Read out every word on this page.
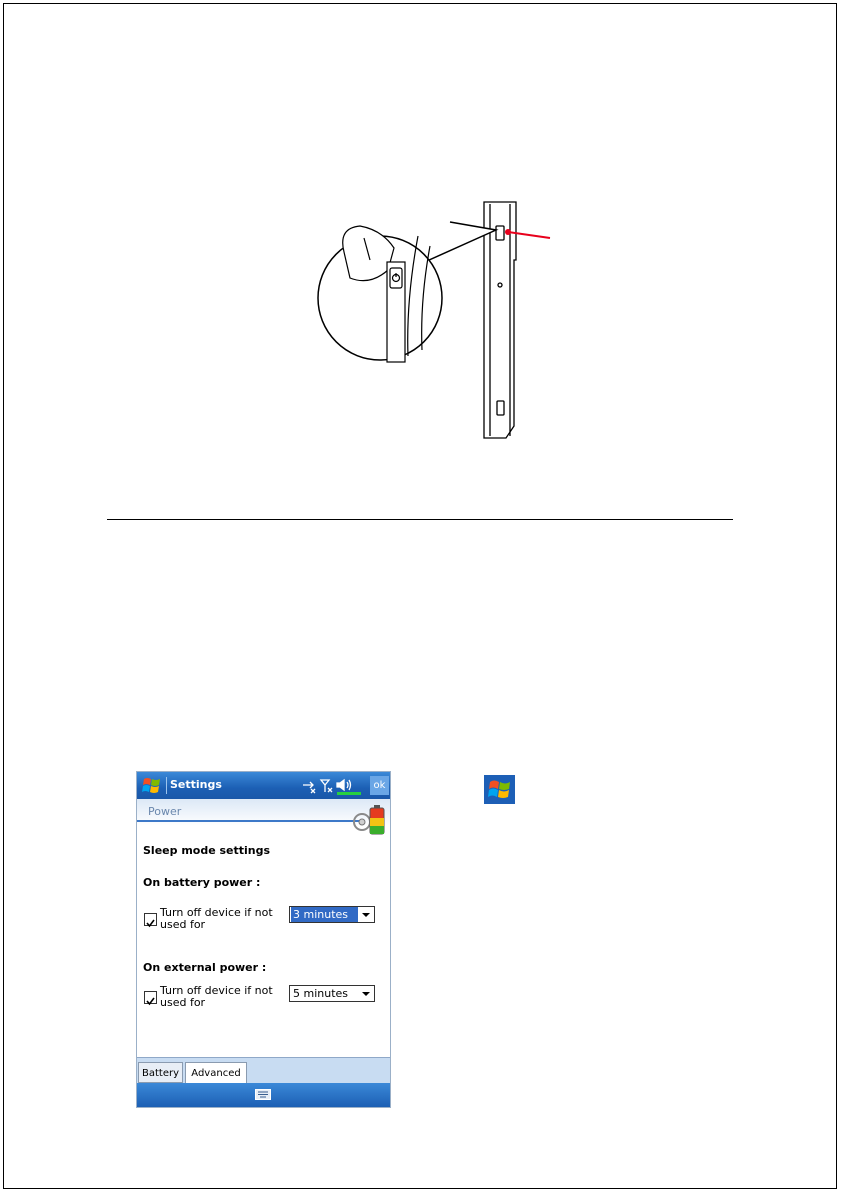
Settings	ok
Power
Sleep mode settings
On battery power :
Turn off device if not used for
3 minutes
On external power :
Turn off device if not used for
5 minutes
Battery	Advanced
